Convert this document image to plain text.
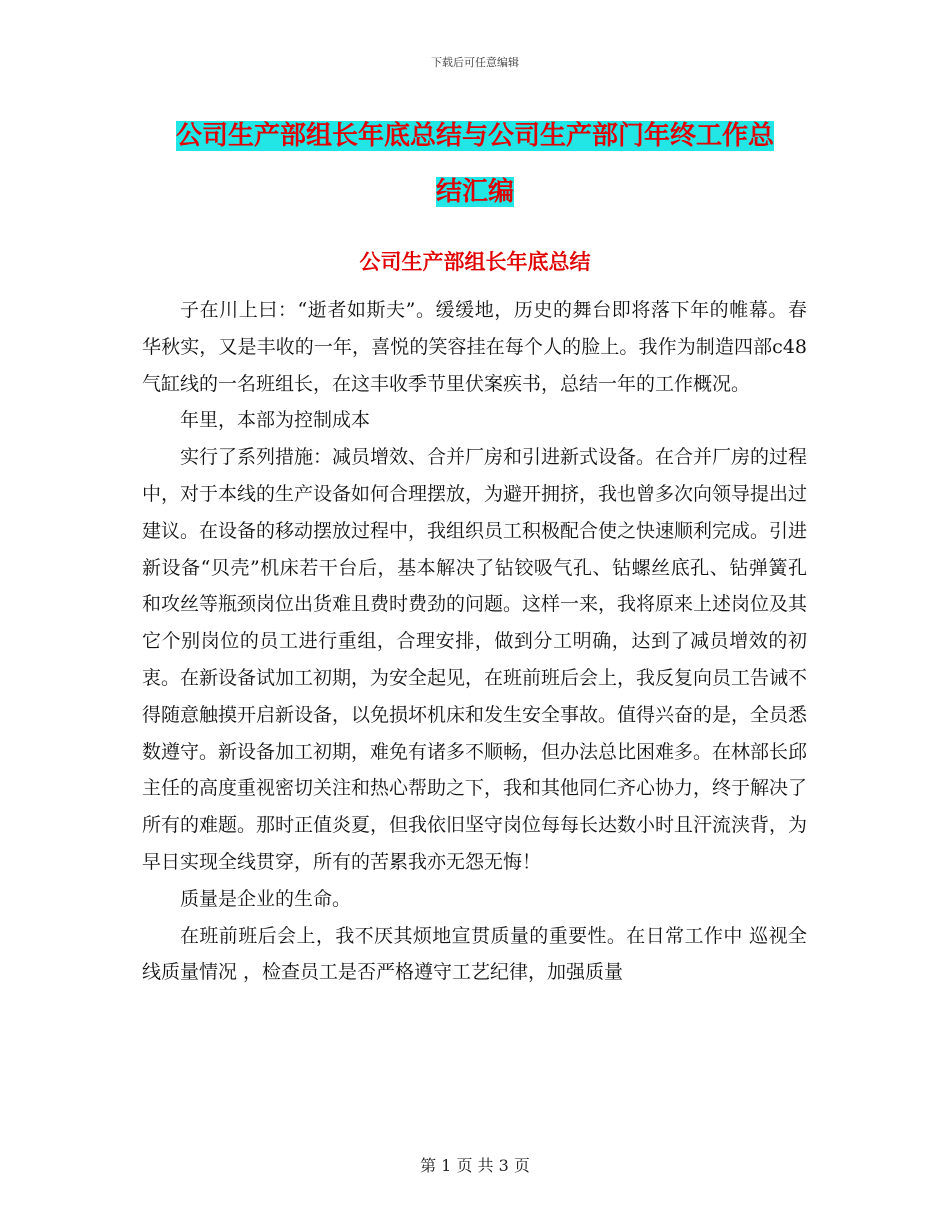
下载后可任意编辑
公司生产部组长年底总结与公司生产部门年终工作总
结汇编
公司生产部组长年底总结

子在川上曰：“逝者如斯夫”。缓缓地，历史的舞台即将落下年的帷幕。春华秋实，又是丰收的一年，喜悦的笑容挂在每个人的脸上。我作为制造四部c48气缸线的一名班组长，在这丰收季节里伏案疾书，总结一年的工作概况。

年里，本部为控制成本

实行了系列措施：减员增效、合并厂房和引进新式设备。在合并厂房的过程中，对于本线的生产设备如何合理摆放，为避开拥挤，我也曾多次向领导提出过建议。在设备的移动摆放过程中，我组织员工积极配合使之快速顺利完成。引进新设备“贝壳”机床若干台后，基本解决了钻铰吸气孔、钻螺丝底孔、钻弹簧孔和攻丝等瓶颈岗位出货难且费时费劲的问题。这样一来，我将原来上述岗位及其它个别岗位的员工进行重组，合理安排，做到分工明确，达到了减员增效的初衷。在新设备试加工初期，为安全起见，在班前班后会上，我反复向员工告诫不得随意触摸开启新设备，以免损坏机床和发生安全事故。值得兴奋的是，全员悉数遵守。新设备加工初期，难免有诸多不顺畅，但办法总比困难多。在林部长邱主任的高度重视密切关注和热心帮助之下，我和其他同仁齐心协力，终于解决了所有的难题。那时正值炎夏，但我依旧坚守岗位每每长达数小时且汗流浃背，为早日实现全线贯穿，所有的苦累我亦无怨无悔！

质量是企业的生命。

在班前班后会上，我不厌其烦地宣贯质量的重要性。在日常工作中 巡视全线质量情况 ，检查员工是否严格遵守工艺纪律，加强质量

第 1 页 共 3 页
